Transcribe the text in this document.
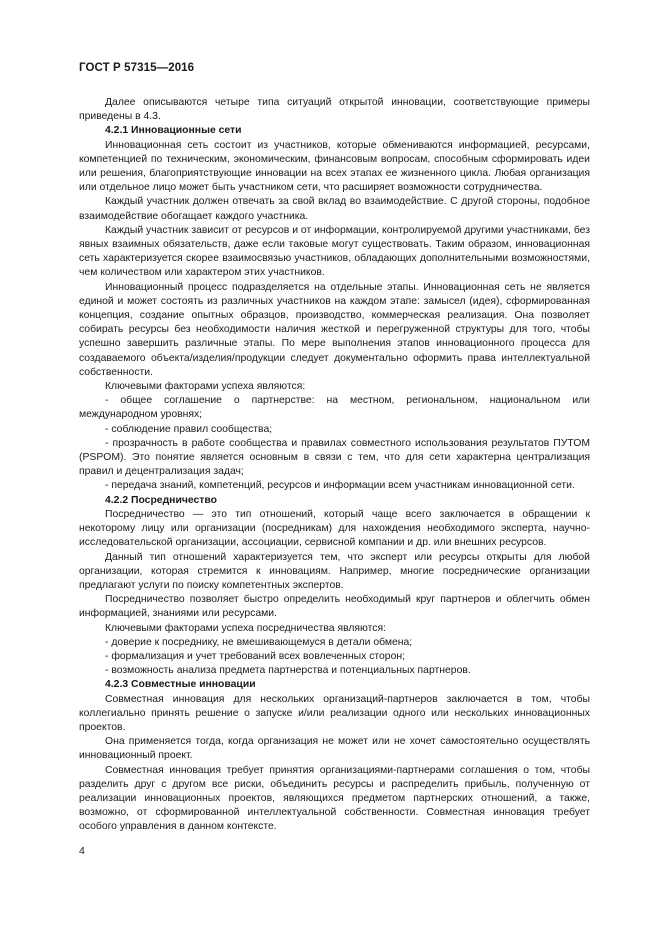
ГОСТ Р 57315—2016

Далее описываются четыре типа ситуаций открытой инновации, соответствующие примеры приведены в 4.3.

4.2.1 Инновационные сети

Инновационная сеть состоит из участников, которые обмениваются информацией, ресурсами, компетенцией по техническим, экономическим, финансовым вопросам, способным сформировать идеи или решения, благоприятствующие инновации на всех этапах ее жизненного цикла. Любая организация или отдельное лицо может быть участником сети, что расширяет возможности сотрудничества.

Каждый участник должен отвечать за свой вклад во взаимодействие. С другой стороны, подобное взаимодействие обогащает каждого участника.

Каждый участник зависит от ресурсов и от информации, контролируемой другими участниками, без явных взаимных обязательств, даже если таковые могут существовать. Таким образом, инновационная сеть характеризуется скорее взаимосвязью участников, обладающих дополнительными возможностями, чем количеством или характером этих участников.

Инновационный процесс подразделяется на отдельные этапы. Инновационная сеть не является единой и может состоять из различных участников на каждом этапе: замысел (идея), сформированная концепция, создание опытных образцов, производство, коммерческая реализация. Она позволяет собирать ресурсы без необходимости наличия жесткой и перегруженной структуры для того, чтобы успешно завершить различные этапы. По мере выполнения этапов инновационного процесса для создаваемого объекта/изделия/продукции следует документально оформить права интеллектуальной собственности.

Ключевыми факторами успеха являются:

- общее соглашение о партнерстве: на местном, региональном, национальном или международном уровнях;

- соблюдение правил сообщества;

- прозрачность в работе сообщества и правилах совместного использования результатов ПУТОМ (PSPOM). Это понятие является основным в связи с тем, что для сети характерна централизация правил и децентрализация задач;

- передача знаний, компетенций, ресурсов и информации всем участникам инновационной сети.

4.2.2 Посредничество

Посредничество — это тип отношений, который чаще всего заключается в обращении к некоторому лицу или организации (посредникам) для нахождения необходимого эксперта, научно-исследовательской организации, ассоциации, сервисной компании и др. или внешних ресурсов.

Данный тип отношений характеризуется тем, что эксперт или ресурсы открыты для любой организации, которая стремится к инновациям. Например, многие посреднические организации предлагают услуги по поиску компетентных экспертов.

Посредничество позволяет быстро определить необходимый круг партнеров и облегчить обмен информацией, знаниями или ресурсами.

Ключевыми факторами успеха посредничества являются:

- доверие к посреднику, не вмешивающемуся в детали обмена;

- формализация и учет требований всех вовлеченных сторон;

- возможность анализа предмета партнерства и потенциальных партнеров.

4.2.3 Совместные инновации

Совместная инновация для нескольких организаций-партнеров заключается в том, чтобы коллегиально принять решение о запуске и/или реализации одного или нескольких инновационных проектов.

Она применяется тогда, когда организация не может или не хочет самостоятельно осуществлять инновационный проект.

Совместная инновация требует принятия организациями-партнерами соглашения о том, чтобы разделить друг с другом все риски, объединить ресурсы и распределить прибыль, полученную от реализации инновационных проектов, являющихся предметом партнерских отношений, а также, возможно, от сформированной интеллектуальной собственности. Совместная инновация требует особого управления в данном контексте.

4
